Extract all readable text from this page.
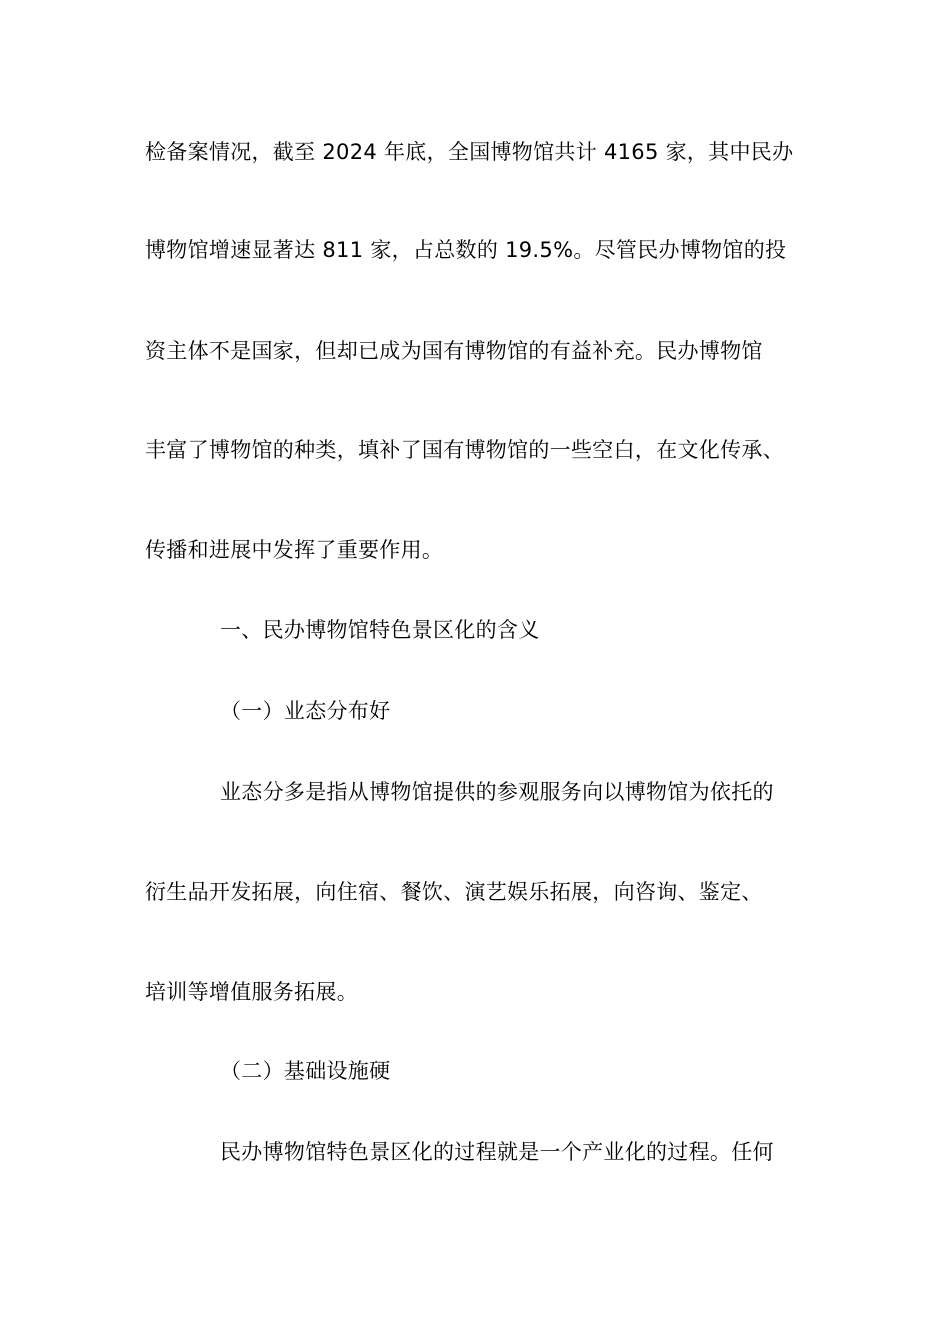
检备案情况，截至 2024 年底，全国博物馆共计 4165 家，其中民办
博物馆增速显著达 811 家，占总数的 19.5%。尽管民办博物馆的投
资主体不是国家，但却已成为国有博物馆的有益补充。民办博物馆
丰富了博物馆的种类，填补了国有博物馆的一些空白，在文化传承、
传播和进展中发挥了重要作用。
一、民办博物馆特色景区化的含义
（一）业态分布好
业态分多是指从博物馆提供的参观服务向以博物馆为依托的
衍生品开发拓展，向住宿、餐饮、演艺娱乐拓展，向咨询、鉴定、
培训等增值服务拓展。
（二）基础设施硬
民办博物馆特色景区化的过程就是一个产业化的过程。任何
